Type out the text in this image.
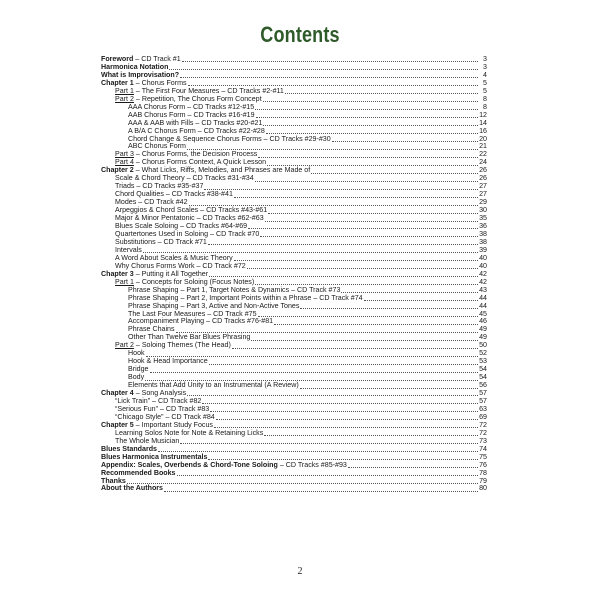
Contents
Foreword – CD Track #1	3
Harmonica Notation	3
What is Improvisation?	4
Chapter 1 – Chorus Forms	5
Part 1 – The First Four Measures – CD Tracks #2-#11	5
Part 2 – Repetition, The Chorus Form Concept	8
AAA Chorus Form – CD Tracks #12-#15	8
AAB Chorus Form – CD Tracks #16-#19	12
AAA & AAB with Fills – CD Tracks #20-#21	14
A B/A C Chorus Form – CD Tracks #22-#28	16
Chord Change & Sequence Chorus Forms – CD Tracks #29-#30	20
ABC Chorus Form	21
Part 3 – Chorus Forms, the Decision Process	22
Part 4 – Chorus Forms Context, A Quick Lesson	24
Chapter 2 – What Licks, Riffs, Melodies, and Phrases are Made of	26
Scale & Chord Theory – CD Tracks #31-#34	26
Triads – CD Tracks #35-#37	27
Chord Qualities – CD Tracks #38-#41	27
Modes – CD Track #42	29
Arpeggios & Chord Scales – CD Tracks #43-#61	30
Major & Minor Pentatonic – CD Tracks #62-#63	35
Blues Scale Soloing – CD Tracks #64-#69	36
Quartertones Used in Soloing – CD Track #70	38
Substitutions – CD Track #71	38
Intervals	39
A Word About Scales & Music Theory	40
Why Chorus Forms Work – CD Track #72	40
Chapter 3 – Putting it All Together	42
Part 1 – Concepts for Soloing (Focus Notes)	42
Phrase Shaping – Part 1, Target Notes & Dynamics – CD Track #73	43
Phrase Shaping – Part 2, Important Points within a Phrase – CD Track #74	44
Phrase Shaping – Part 3, Active and Non-Active Tones	44
The Last Four Measures – CD Track #75	45
Accompaniment Playing – CD Tracks #76-#81	46
Phrase Chains	49
Other Than Twelve Bar Blues Phrasing	49
Part 2 – Soloing Themes (The Head)	50
Hook	52
Hook & Head Importance	53
Bridge	54
Body	54
Elements that Add Unity to an Instrumental (A Review)	56
Chapter 4 – Song Analysis	57
“Lick Train” – CD Track #82	57
“Serious Fun” – CD Track #83	63
“Chicago Style” – CD Track #84	69
Chapter 5 – Important Study Focus	72
Learning Solos Note for Note & Retaining Licks	72
The Whole Musician	73
Blues Standards	74
Blues Harmonica Instrumentals	75
Appendix: Scales, Overbends & Chord-Tone Soloing – CD Tracks #85-#93	76
Recommended Books	78
Thanks	79
About the Authors	80
2
